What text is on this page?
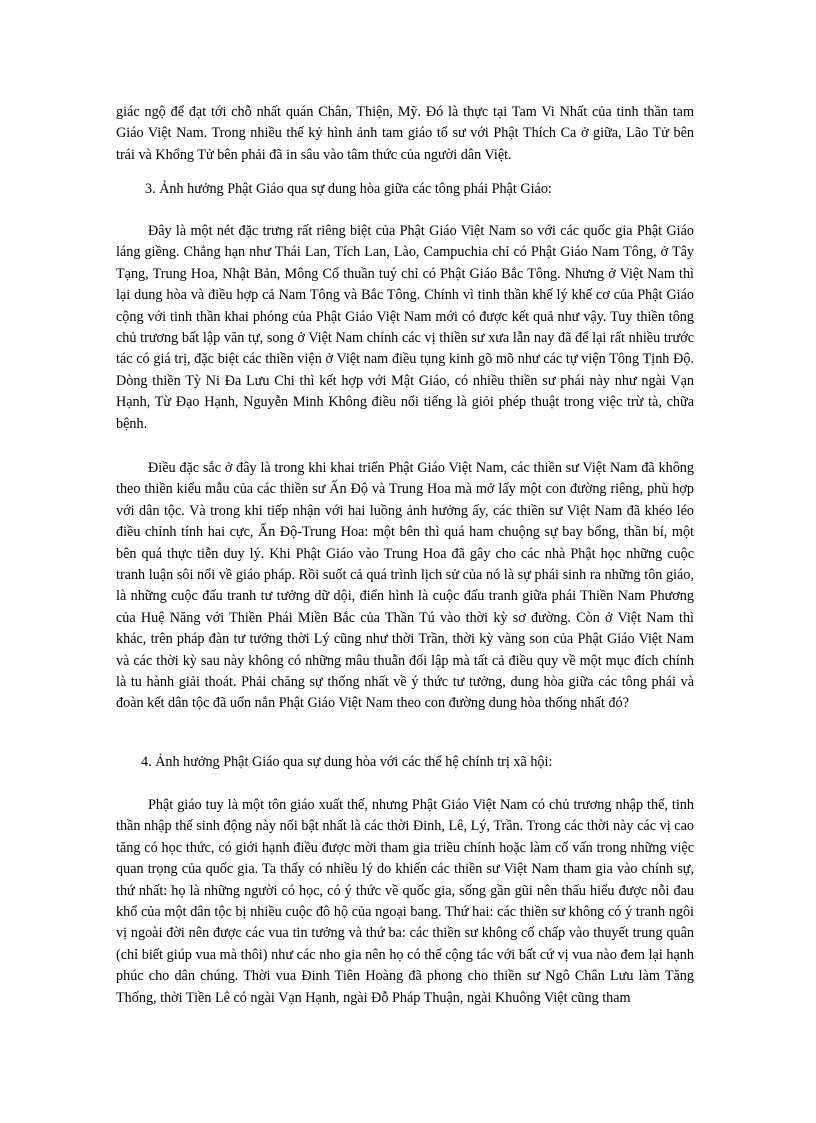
giác ngộ để đạt tới chỗ nhất quán Chân, Thiện, Mỹ. Đó là thực tại Tam Vi Nhất của tinh thần tam Giáo Việt Nam. Trong nhiều thế kỷ hình ảnh tam giáo tổ sư với Phật Thích Ca ở giữa, Lão Tử bên trái và Khổng Tử bên phải đã in sâu vào tâm thức của người dân Việt.

3. Ảnh hưởng Phật Giáo qua sự dung hòa giữa các tông phái Phật Giáo:

Đây là một nét đặc trưng rất riêng biệt của Phật Giáo Việt Nam so với các quốc gia Phật Giáo láng giềng. Chẳng hạn như Thái Lan, Tích Lan, Lào, Campuchia chỉ có Phật Giáo Nam Tông, ở Tây Tạng, Trung Hoa, Nhật Bản, Mông Cổ thuần tuý chỉ có Phật Giáo Bắc Tông. Nhưng ở Việt Nam thì lại dung hòa và điều hợp cả Nam Tông và Bắc Tông. Chính vì tinh thần khế lý khế cơ của Phật Giáo cộng với tinh thần khai phóng của Phật Giáo Việt Nam mới có được kết quả như vậy. Tuy thiền tông chủ trương bất lập văn tự, song ở Việt Nam chính các vị thiền sư xưa lẫn nay đã để lại rất nhiều trước tác có giá trị, đặc biệt các thiền viện ở Việt nam điều tụng kinh gõ mõ như các tự viện Tông Tịnh Độ. Dòng thiền Tỳ Ni Đa Lưu Chi thì kết hợp với Mật Giáo, có nhiều thiền sư phái này như ngài Vạn Hạnh, Từ Đạo Hạnh, Nguyễn Minh Không điều nổi tiếng là giỏi phép thuật trong việc trừ tà, chữa bệnh.

Điều đặc sắc ở đây là trong khi khai triển Phật Giáo Việt Nam, các thiền sư Việt Nam đã không theo thiền kiểu mẫu của các thiền sư Ấn Độ và Trung Hoa mà mở lấy một con đường riêng, phù hợp với dân tộc. Và trong khi tiếp nhận với hai luồng ảnh hưởng ấy, các thiền sư Việt Nam đã khéo léo điều chỉnh tính hai cực, Ấn Độ-Trung Hoa: một bên thì quá ham chuộng sự bay bổng, thần bí, một bên quá thực tiễn duy lý. Khi Phật Giáo vào Trung Hoa đã gây cho các nhà Phật học những cuộc tranh luận sôi nổi về giáo pháp. Rồi suốt cả quá trình lịch sử của nó là sự phái sinh ra những tôn giáo, là những cuộc đấu tranh tư tưởng dữ dội, điển hình là cuộc đấu tranh giữa phái Thiền Nam Phương của Huệ Năng với Thiền Phái Miền Bắc của Thần Tú vào thời kỳ sơ đường. Còn ở Việt Nam thì khác, trên pháp đàn tư tưởng thời Lý cũng như thời Trần, thời kỳ vàng son của Phật Giáo Việt Nam và các thời kỳ sau này không có những mâu thuẫn đối lập mà tất cả điều quy về một mục đích chính là tu hành giải thoát. Phải chăng sự thống nhất về ý thức tư tưởng, dung hòa giữa các tông phái và đoàn kết dân tộc đã uốn nắn Phật Giáo Việt Nam theo con đường dung hòa thống nhất đó?

4. Ảnh hưởng Phật Giáo qua sự dung hòa với các thế hệ chính trị xã hội:

Phật giáo tuy là một tôn giáo xuất thế, nhưng Phật Giáo Việt Nam có chủ trương nhập thế, tinh thần nhập thế sinh động này nổi bật nhất là các thời Đinh, Lê, Lý, Trần. Trong các thời này các vị cao tăng có học thức, có giới hạnh điều được mời tham gia triều chính hoặc làm cố vấn trong những việc quan trọng của quốc gia. Ta thấy có nhiều lý do khiến các thiền sư Việt Nam tham gia vào chính sự, thứ nhất: họ là những người có học, có ý thức về quốc gia, sống gần gũi nên thấu hiểu được nỗi đau khổ của một dân tộc bị nhiều cuộc đô hộ của ngoại bang. Thứ hai: các thiền sư không có ý tranh ngôi vị ngoài đời nên được các vua tin tưởng và thứ ba: các thiền sư không cố chấp vào thuyết trung quân (chỉ biết giúp vua mà thôi) như các nho gia nên họ có thể cộng tác với bất cứ vị vua nào đem lại hạnh phúc cho dân chúng. Thời vua Đinh Tiên Hoàng đã phong cho thiền sư Ngô Chân Lưu làm Tăng Thống, thời Tiền Lê có ngài Vạn Hạnh, ngài Đỗ Pháp Thuận, ngài Khuông Việt cũng tham
